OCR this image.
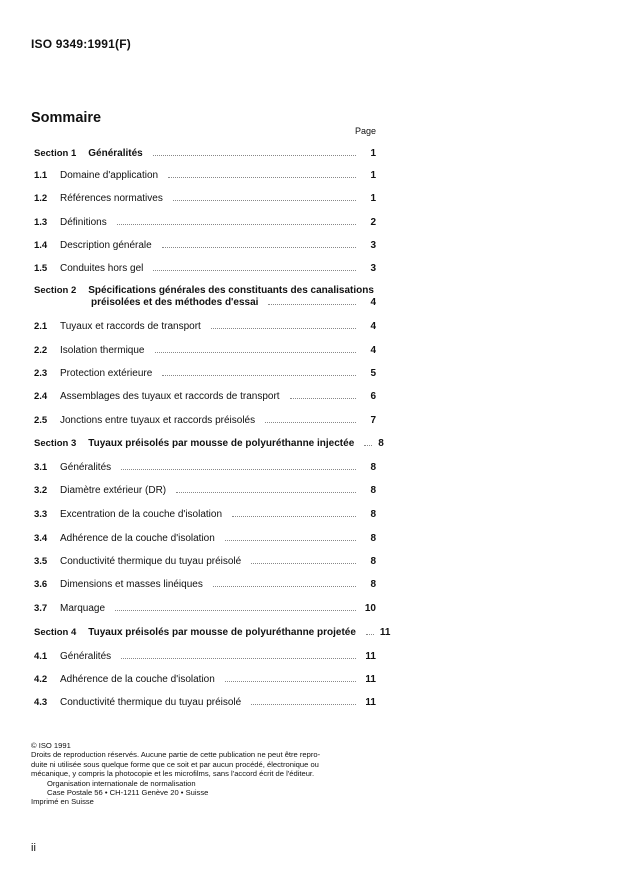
ISO 9349:1991(F)
Sommaire
Page
Section 1 Généralités	1
1.1	Domaine d'application	1
1.2	Références normatives	1
1.3	Définitions	2
1.4	Description générale	3
1.5	Conduites hors gel	3
Section 2 Spécifications générales des constituants des canalisations
préisolées et des méthodes d'essai	4
2.1	Tuyaux et raccords de transport	4
2.2	Isolation thermique	4
2.3	Protection extérieure	5
2.4	Assemblages des tuyaux et raccords de transport	6
2.5	Jonctions entre tuyaux et raccords préisolés	7
Section 3 Tuyaux préisolés par mousse de polyuréthanne injectée 8
3.1	Généralités	8
3.2	Diamètre extérieur (DR)	8
3.3	Excentration de la couche d'isolation	8
3.4	Adhérence de la couche d'isolation	8
3.5	Conductivité thermique du tuyau préisolé	8
3.6	Dimensions et masses linéiques	8
3.7	Marquage	10
Section 4 Tuyaux préisolés par mousse de polyuréthanne projetée 11
4.1	Généralités	11
4.2	Adhérence de la couche d'isolation	11
4.3	Conductivité thermique du tuyau préisolé	11
© ISO 1991
Droits de reproduction réservés. Aucune partie de cette publication ne peut être repro-
duite ni utilisée sous quelque forme que ce soit et par aucun procédé, électronique ou
mécanique, y compris la photocopie et les microfilms, sans l'accord écrit de l'éditeur.
Organisation internationale de normalisation
Case Postale 56 • CH-1211 Genève 20 • Suisse
Imprimé en Suisse
ii
